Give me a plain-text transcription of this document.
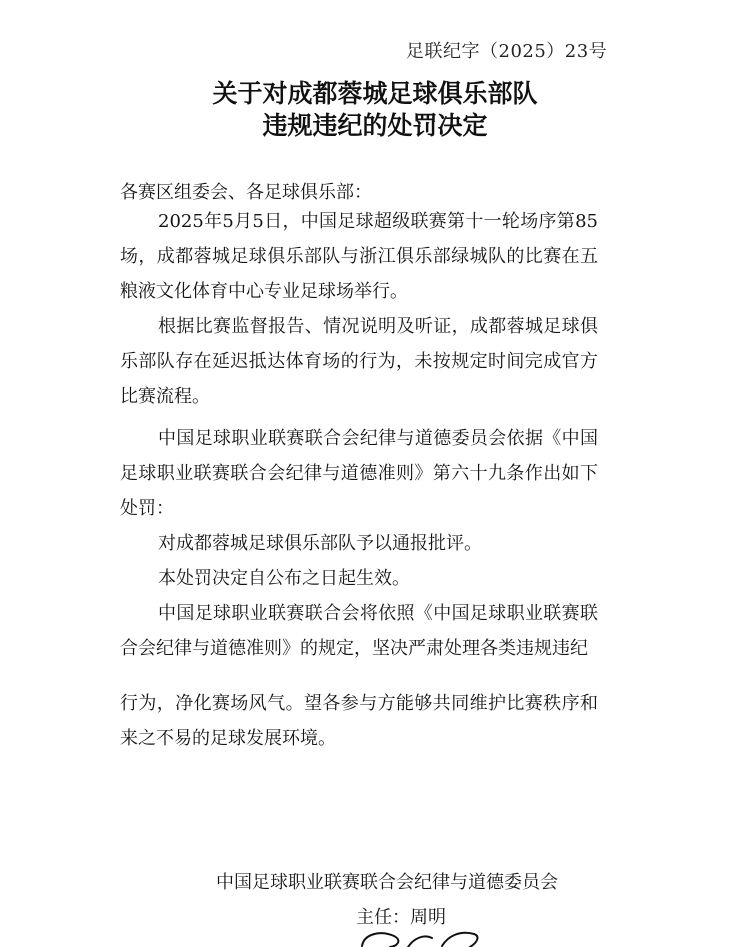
足联纪字（2025）23号
关于对成都蓉城足球俱乐部队
违规违纪的处罚决定
各赛区组委会、各足球俱乐部：
2025年5月5日，中国足球超级联赛第十一轮场序第85场，成都蓉城足球俱乐部队与浙江俱乐部绿城队的比赛在五粮液文化体育中心专业足球场举行。
根据比赛监督报告、情况说明及听证，成都蓉城足球俱乐部队存在延迟抵达体育场的行为，未按规定时间完成官方比赛流程。
中国足球职业联赛联合会纪律与道德委员会依据《中国足球职业联赛联合会纪律与道德准则》第六十九条作出如下处罚：
对成都蓉城足球俱乐部队予以通报批评。
本处罚决定自公布之日起生效。
中国足球职业联赛联合会将依照《中国足球职业联赛联合会纪律与道德准则》的规定，坚决严肃处理各类违规违纪
行为，净化赛场风气。望各参与方能够共同维护比赛秩序和来之不易的足球发展环境。
中国足球职业联赛联合会纪律与道德委员会
主任：周明
